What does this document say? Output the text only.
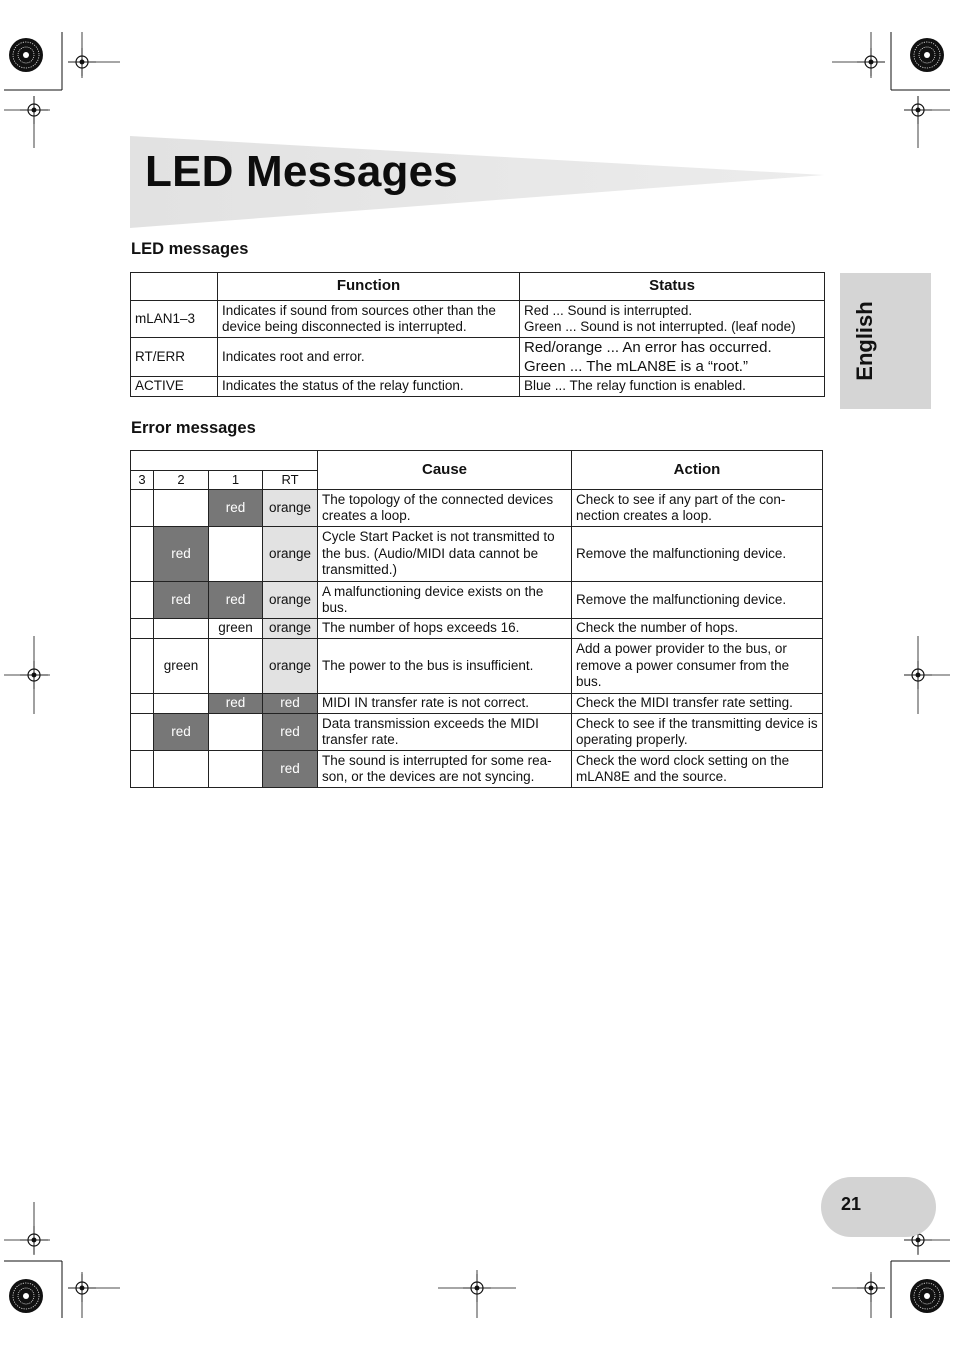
LED Messages
LED messages
	Function	Status
mLAN1–3	Indicates if sound from sources other than the device being disconnected is interrupted.	Red ... Sound is interrupted.
Green ... Sound is not interrupted. (leaf node)

RT/ERR	Indicates root and error.	Red/orange ... An error has occurred.
Green ... The mLAN8E is a “root.”

ACTIVE	Indicates the status of the relay function.	Blue ... The relay function is enabled.
Error messages
				Cause	Action
3	2	1	RT		
		red	orange	The topology of the connected devices creates a loop.	Check to see if any part of the con-nection creates a loop.
	red		orange	Cycle Start Packet is not transmitted to the bus. (Audio/MIDI data cannot be transmitted.)	Remove the malfunctioning device.
	red	red	orange	A malfunctioning device exists on the bus.	Remove the malfunctioning device.
		green	orange	The number of hops exceeds 16.	Check the number of hops.
	green		orange	The power to the bus is insufficient.	Add a power provider to the bus, or remove a power consumer from the bus.
		red	red	MIDI IN transfer rate is not correct.	Check the MIDI transfer rate setting.
	red		red	Data transmission exceeds the MIDI transfer rate.	Check to see if the transmitting device is operating properly.
			red	The sound is interrupted for some rea-son, or the devices are not syncing.	Check the word clock setting on the mLAN8E and the source.
English
21
